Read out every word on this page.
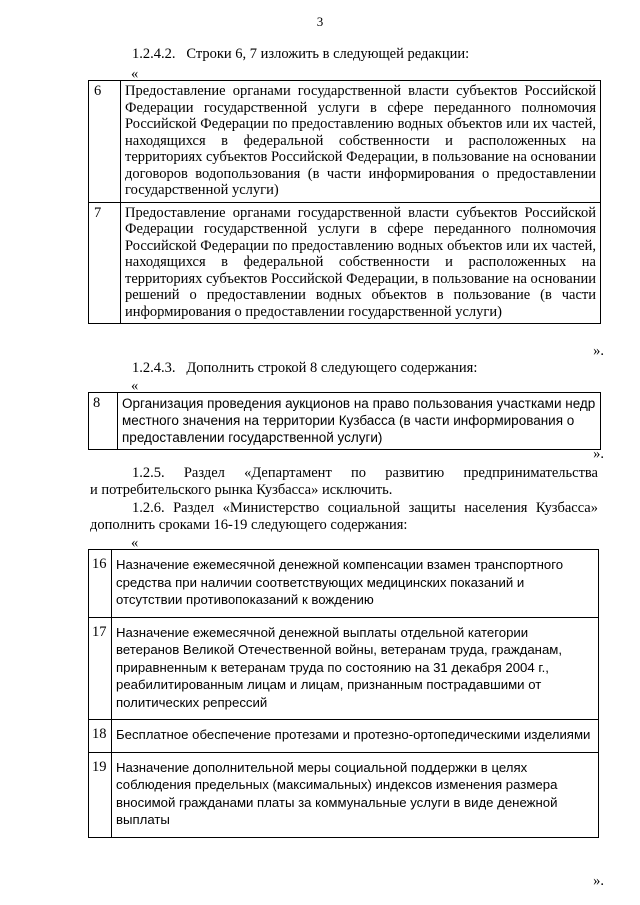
3
1.2.4.2. Строки 6, 7 изложить в следующей редакции:
«
6	Предоставление органами государственной власти субъектов Российской Федерации государственной услуги в сфере переданного полномочия Российской Федерации по предоставлению водных объектов или их частей, находящихся в федеральной собственности и расположенных на территориях субъектов Российской Федерации, в пользование на основании договоров водопользования (в части информирования о предоставлении государственной услуги)
7	Предоставление органами государственной власти субъектов Российской Федерации государственной услуги в сфере переданного полномочия Российской Федерации по предоставлению водных объектов или их частей, находящихся в федеральной собственности и расположенных на территориях субъектов Российской Федерации, в пользование на основании решений о предоставлении водных объектов в пользование (в части информирования о предоставлении государственной услуги)
».
1.2.4.3. Дополнить строкой 8 следующего содержания:
«
8	Организация проведения аукционов на право пользования участками недр местного значения на территории Кузбасса (в части информирования о предоставлении государственной услуги)
».
1.2.5. Раздел «Департамент по развитию предпринимательства
и потребительского рынка Кузбасса» исключить.
1.2.6. Раздел «Министерство социальной защиты населения Кузбасса»
дополнить сроками 16-19 следующего содержания:
«
16	Назначение ежемесячной денежной компенсации взамен транспортного средства при наличии соответствующих медицинских показаний и отсутствии противопоказаний к вождению
17	Назначение ежемесячной денежной выплаты отдельной категории ветеранов Великой Отечественной войны, ветеранам труда, гражданам, приравненным к ветеранам труда по состоянию на 31 декабря 2004 г., реабилитированным лицам и лицам, признанным пострадавшими от политических репрессий
18	Бесплатное обеспечение протезами и протезно-ортопедическими изделиями
19	Назначение дополнительной меры социальной поддержки в целях соблюдения предельных (максимальных) индексов изменения размера вносимой гражданами платы за коммунальные услуги в виде денежной выплаты
».
